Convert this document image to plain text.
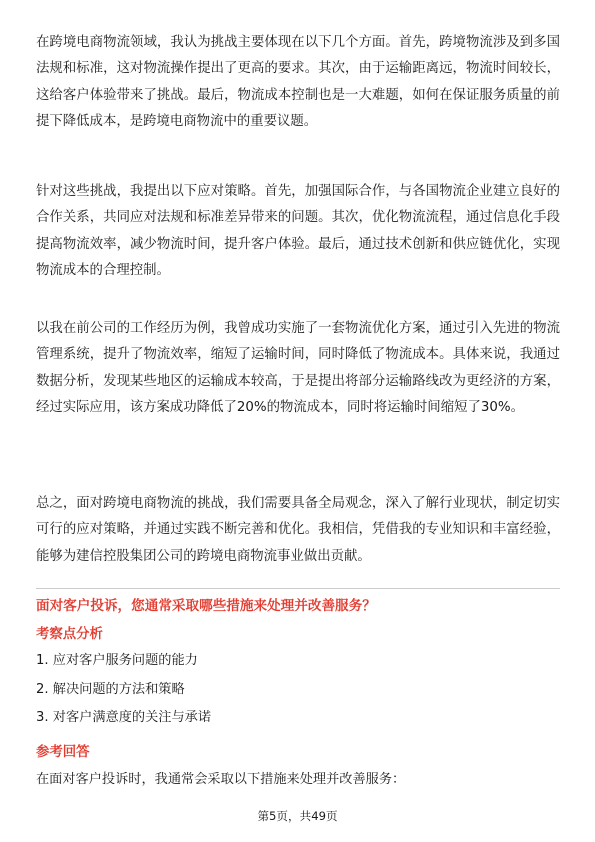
在跨境电商物流领域，我认为挑战主要体现在以下几个方面。首先，跨境物流涉及到多国法规和标准，这对物流操作提出了更高的要求。其次，由于运输距离远，物流时间较长，这给客户体验带来了挑战。最后，物流成本控制也是一大难题，如何在保证服务质量的前提下降低成本，是跨境电商物流中的重要议题。

针对这些挑战，我提出以下应对策略。首先，加强国际合作，与各国物流企业建立良好的合作关系，共同应对法规和标准差异带来的问题。其次，优化物流流程，通过信息化手段提高物流效率，减少物流时间，提升客户体验。最后，通过技术创新和供应链优化，实现物流成本的合理控制。

以我在前公司的工作经历为例，我曾成功实施了一套物流优化方案，通过引入先进的物流管理系统，提升了物流效率，缩短了运输时间，同时降低了物流成本。具体来说，我通过数据分析，发现某些地区的运输成本较高，于是提出将部分运输路线改为更经济的方案，经过实际应用，该方案成功降低了20%的物流成本，同时将运输时间缩短了30%。

总之，面对跨境电商物流的挑战，我们需要具备全局观念，深入了解行业现状，制定切实可行的应对策略，并通过实践不断完善和优化。我相信，凭借我的专业知识和丰富经验，能够为建信控股集团公司的跨境电商物流事业做出贡献。

面对客户投诉，您通常采取哪些措施来处理并改善服务？

考察点分析

1. 应对客户服务问题的能力

2. 解决问题的方法和策略

3. 对客户满意度的关注与承诺

参考回答

在面对客户投诉时，我通常会采取以下措施来处理并改善服务：

第5页，共49页
